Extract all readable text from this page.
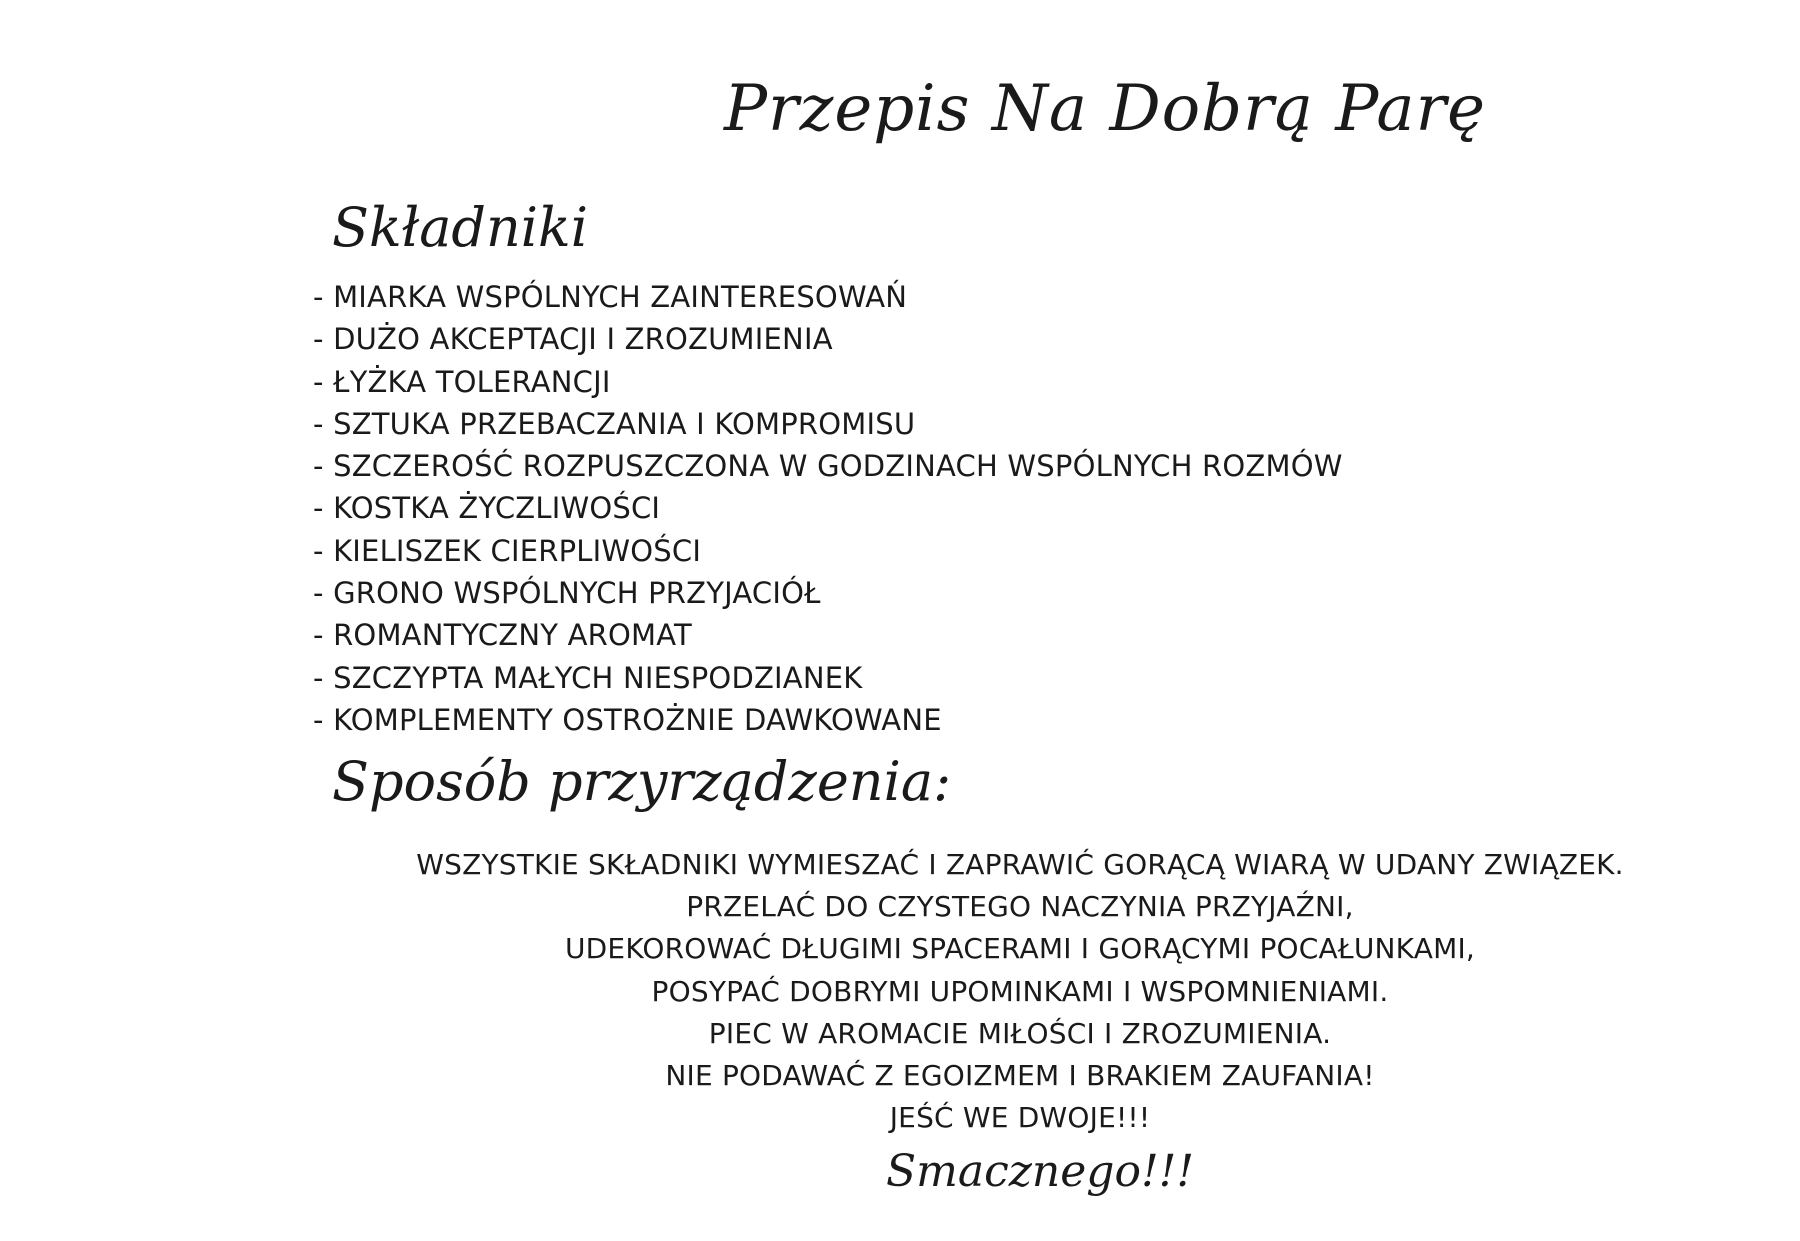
Przepis Na Dobrą Parę
Składniki
- MIARKA WSPÓLNYCH ZAINTERESOWAŃ
- DUŻO AKCEPTACJI I ZROZUMIENIA
- ŁYŻKA TOLERANCJI
- SZTUKA PRZEBACZANIA I KOMPROMISU
- SZCZEROŚĆ ROZPUSZCZONA W GODZINACH WSPÓLNYCH ROZMÓW
- KOSTKA ŻYCZLIWOŚCI
- KIELISZEK CIERPLIWOŚCI
- GRONO WSPÓLNYCH PRZYJACIÓŁ
- ROMANTYCZNY AROMAT
- SZCZYPTA MAŁYCH NIESPODZIANEK
- KOMPLEMENTY OSTROŻNIE DAWKOWANE
Sposób przyrządzenia:
WSZYSTKIE SKŁADNIKI WYMIESZAĆ I ZAPRAWIĆ GORĄCĄ WIARĄ W UDANY ZWIĄZEK.
PRZELAĆ DO CZYSTEGO NACZYNIA PRZYJAŹNI,
UDEKOROWAĆ DŁUGIMI SPACERAMI I GORĄCYMI POCAŁUNKAMI,
POSYPAĆ DOBRYMI UPOMINKAMI I WSPOMNIENIAMI.
PIEC W AROMACIE MIŁOŚCI I ZROZUMIENIA.
NIE PODAWAĆ Z EGOIZMEM I BRAKIEM ZAUFANIA!
JEŚĆ WE DWOJE!!!
Smacznego!!!
